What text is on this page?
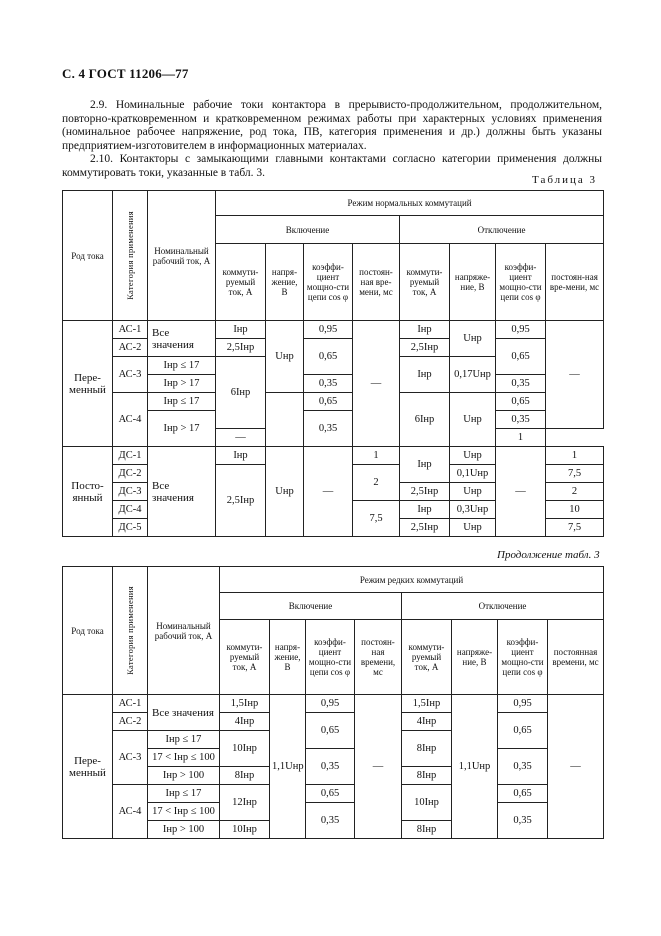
С. 4 ГОСТ 11206—77

2.9. Номинальные рабочие токи контактора в прерывисто-продолжительном, продолжительном, повторно-кратковременном и кратковременном режимах работы при характерных условиях применения (номинальное рабочее напряжение, род тока, ПВ, категория применения и др.) должны быть указаны предприятием-изготовителем в информационных материалах.

2.10. Контакторы с замыкающими главными контактами согласно категории применения должны коммутировать токи, указанные в табл. 3.

Таблица 3
Род тока	Категория применения	Номинальный рабочий ток, А	Режим нормальных коммутаций							
			Включение				Отключение			
			коммути-руемый ток, А	напря-жение, В	коэффи-циент мощно-сти цепи cos φ	постоян-ная вре-мени, мс	коммути-руемый ток, А	напряже-ние, В	коэффи-циент мощно-сти цепи cos φ	постоян-ная вре-мени, мс
Пере-менный	АС-1	Все значения	Iнр	Uнр	0,95	—	Iнр	Uнр	0,95	—
	АС-2		2,5Iнр		0,65		2,5Iнр		0,65	
	АС-3	Iнр ≤ 17	6Iнр				Iнр	0,17Uнр		
		Iнр > 17			0,35				0,35	
	АС-4	Iнр ≤ 17			0,65		6Iнр	Uнр	0,65	
		Iнр > 17			0,35				0,35	
			—						1	
Посто-янный	ДС-1	Все значения	Iнр	Uнр	—	1	Iнр	Uнр	—	1
	ДС-2		2,5Iнр			2		0,1Uнр		7,5
	ДС-3						2,5Iнр	Uнр		2
	ДС-4					7,5	Iнр	0,3Uнр		10
	ДС-5						2,5Iнр	Uнр		7,5
Продолжение табл. 3
Род тока	Категория применения	Номинальный рабочий ток, А	Режим редких коммутаций							
			Включение				Отключение			
			коммути-руемый ток, А	напря-жение, В	коэффи-циент мощно-сти цепи cos φ	постоян-ная времени, мс	коммути-руемый ток, А	напряже-ние, В	коэффи-циент мощно-сти цепи cos φ	постоянная времени, мс
Пере-менный	АС-1	Все значения	1,5Iнр	1,1Uнр	0,95	—	1,5Iнр	1,1Uнр	0,95	—
	АС-2		4Iнр		0,65		4Iнр		0,65	
	АС-3	Iнр ≤ 17	10Iнр				8Iнр			
		17 < Iнр ≤ 100			0,35				0,35	
		Iнр > 100	8Iнр				8Iнр			
	АС-4	Iнр ≤ 17	12Iнр		0,65		10Iнр		0,65	
		17 < Iнр ≤ 100			0,35				0,35	
		Iнр > 100	10Iнр				8Iнр			
